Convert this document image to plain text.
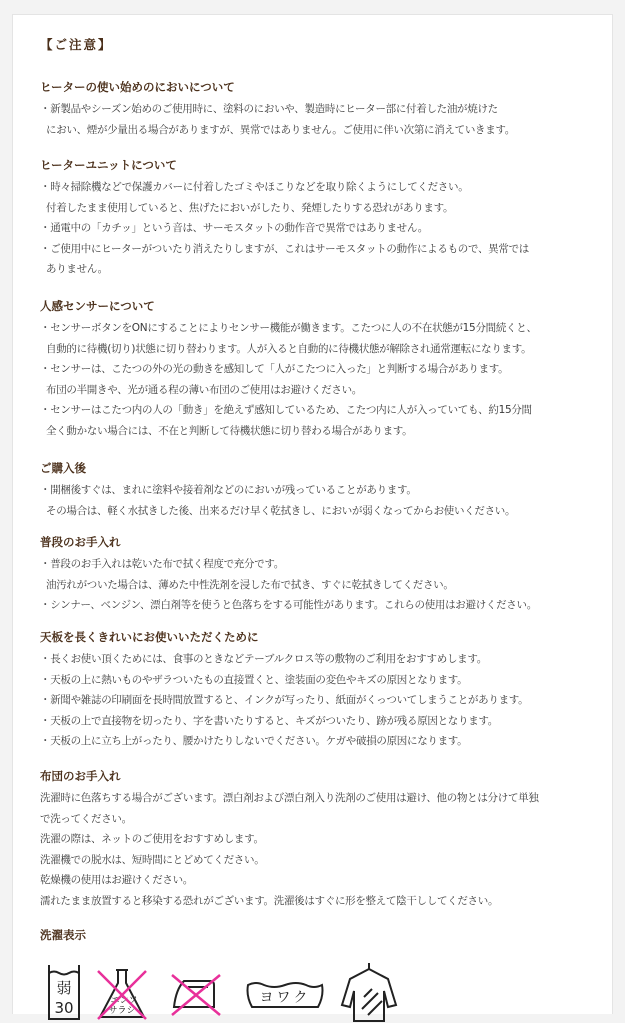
【ご注意】
ヒーターの使い始めのにおいについて
・新製品やシーズン始めのご使用時に、塗料のにおいや、製造時にヒーター部に付着した油が焼けた
におい、煙が少量出る場合がありますが、異常ではありません。ご使用に伴い次第に消えていきます。
ヒーターユニットについて
・時々掃除機などで保護カバーに付着したゴミやほこりなどを取り除くようにしてください。
付着したまま使用していると、焦げたにおいがしたり、発煙したりする恐れがあります。
・通電中の「カチッ」という音は、サーモスタットの動作音で異常ではありません。
・ご使用中にヒーターがついたり消えたりしますが、これはサーモスタットの動作によるもので、異常では
ありません。
人感センサーについて
・センサーボタンをONにすることによりセンサー機能が働きます。こたつに人の不在状態が15分間続くと、
自動的に待機(切り)状態に切り替わります。人が入ると自動的に待機状態が解除され通常運転になります。
・センサーは、こたつの外の光の動きを感知して「人がこたつに入った」と判断する場合があります。
布団の半開きや、光が通る程の薄い布団のご使用はお避けください。
・センサーはこたつ内の人の「動き」を絶えず感知しているため、こたつ内に人が入っていても、約15分間
全く動かない場合には、不在と判断して待機状態に切り替わる場合があります。
ご購入後
・開梱後すぐは、まれに塗料や接着剤などのにおいが残っていることがあります。
その場合は、軽く水拭きした後、出来るだけ早く乾拭きし、においが弱くなってからお使いください。
普段のお手入れ
・普段のお手入れは乾いた布で拭く程度で充分です。
油汚れがついた場合は、薄めた中性洗剤を浸した布で拭き、すぐに乾拭きしてください。
・シンナー、ベンジン、漂白剤等を使うと色落ちをする可能性があります。これらの使用はお避けください。
天板を長くきれいにお使いいただくために
・長くお使い頂くためには、食事のときなどテーブルクロス等の敷物のご利用をおすすめします。
・天板の上に熱いものやザラついたもの直接置くと、塗装面の変色やキズの原因となります。
・新聞や雑誌の印刷面を長時間放置すると、インクが写ったり、紙面がくっついてしまうことがあります。
・天板の上で直接物を切ったり、字を書いたりすると、キズがついたり、跡が残る原因となります。
・天板の上に立ち上がったり、腰かけたりしないでください。ケガや破損の原因になります。
布団のお手入れ
洗濯時に色落ちする場合がございます。漂白剤および漂白剤入り洗剤のご使用は避け、他の物とは分けて単独
で洗ってください。
洗濯の際は、ネットのご使用をおすすめします。
洗濯機での脱水は、短時間にとどめてください。
乾燥機の使用はお避けください。
濡れたまま放置すると移染する恐れがございます。洗濯後はすぐに形を整えて陰干ししてください。
洗濯表示
弱
30	エンソ
サラシ
ヨワク
